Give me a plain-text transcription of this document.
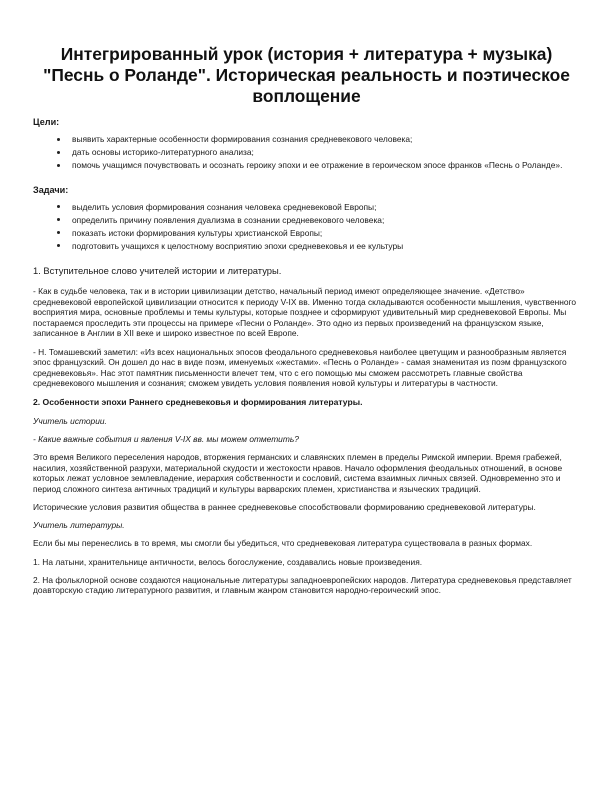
Интегрированный урок (история + литература + музыка) "Песнь о Роланде". Историческая реальность и поэтическое воплощение
Цели:
выявить характерные особенности формирования сознания средневекового человека;
дать основы историко-литературного анализа;
помочь учащимся почувствовать и осознать героику эпохи и ее отражение в героическом эпосе франков «Песнь о Роланде».
Задачи:
выделить условия формирования сознания человека средневековой Европы;
определить причину появления дуализма в сознании средневекового человека;
показать истоки формирования культуры христианской Европы;
подготовить учащихся к целостному восприятию эпохи средневековья и ее культуры
1. Вступительное слово учителей истории и литературы.

- Как в судьбе человека, так и в истории цивилизации детство, начальный период имеют определяющее значение. «Детство» средневековой европейской цивилизации относится к периоду V-IX вв. Именно тогда складываются особенности мышления, чувственного восприятия мира, основные проблемы и темы культуры, которые позднее и сформируют удивительный мир средневековой Европы. Мы постараемся проследить эти процессы на примере «Песни о Роланде». Это одно из первых произведений на французском языке, записанное в Англии в XII веке и широко известное по всей Европе.

- Н. Томашевский заметил: «Из всех национальных эпосов феодального средневековья наиболее цветущим и разнообразным является эпос французский. Он дошел до нас в виде поэм, именуемых «жестами». «Песнь о Роланде» - самая знаменитая из поэм французского средневековья». Нас этот памятник письменности влечет тем, что с его помощью мы сможем рассмотреть главные свойства средневекового мышления и сознания; сможем увидеть условия появления новой культуры и литературы в частности.

2. Особенности эпохи Раннего средневековья и формирования литературы.

Учитель истории.

- Какие важные события и явления V-IX вв. мы можем отметить?

Это время Великого переселения народов, вторжения германских и славянских племен в пределы Римской империи. Время грабежей, насилия, хозяйственной разрухи, материальной скудости и жестокости нравов. Начало оформления феодальных отношений, в основе которых лежат условное землевладение, иерархия собственности и сословий, система взаимных личных связей. Одновременно это и период сложного синтеза античных традиций и культуры варварских племен, христианства и языческих традиций.

Исторические условия развития общества в раннее средневековье способствовали формированию средневековой литературы.

Учитель литературы.

Если бы мы перенеслись в то время, мы смогли бы убедиться, что средневековая литература существовала в разных формах.

1. На латыни, хранительнице античности, велось богослужение, создавались новые произведения.

2. На фольклорной основе создаются национальные литературы западноевропейских народов. Литература средневековья представляет доавторскую стадию литературного развития, и главным жанром становится народно-героический эпос.
